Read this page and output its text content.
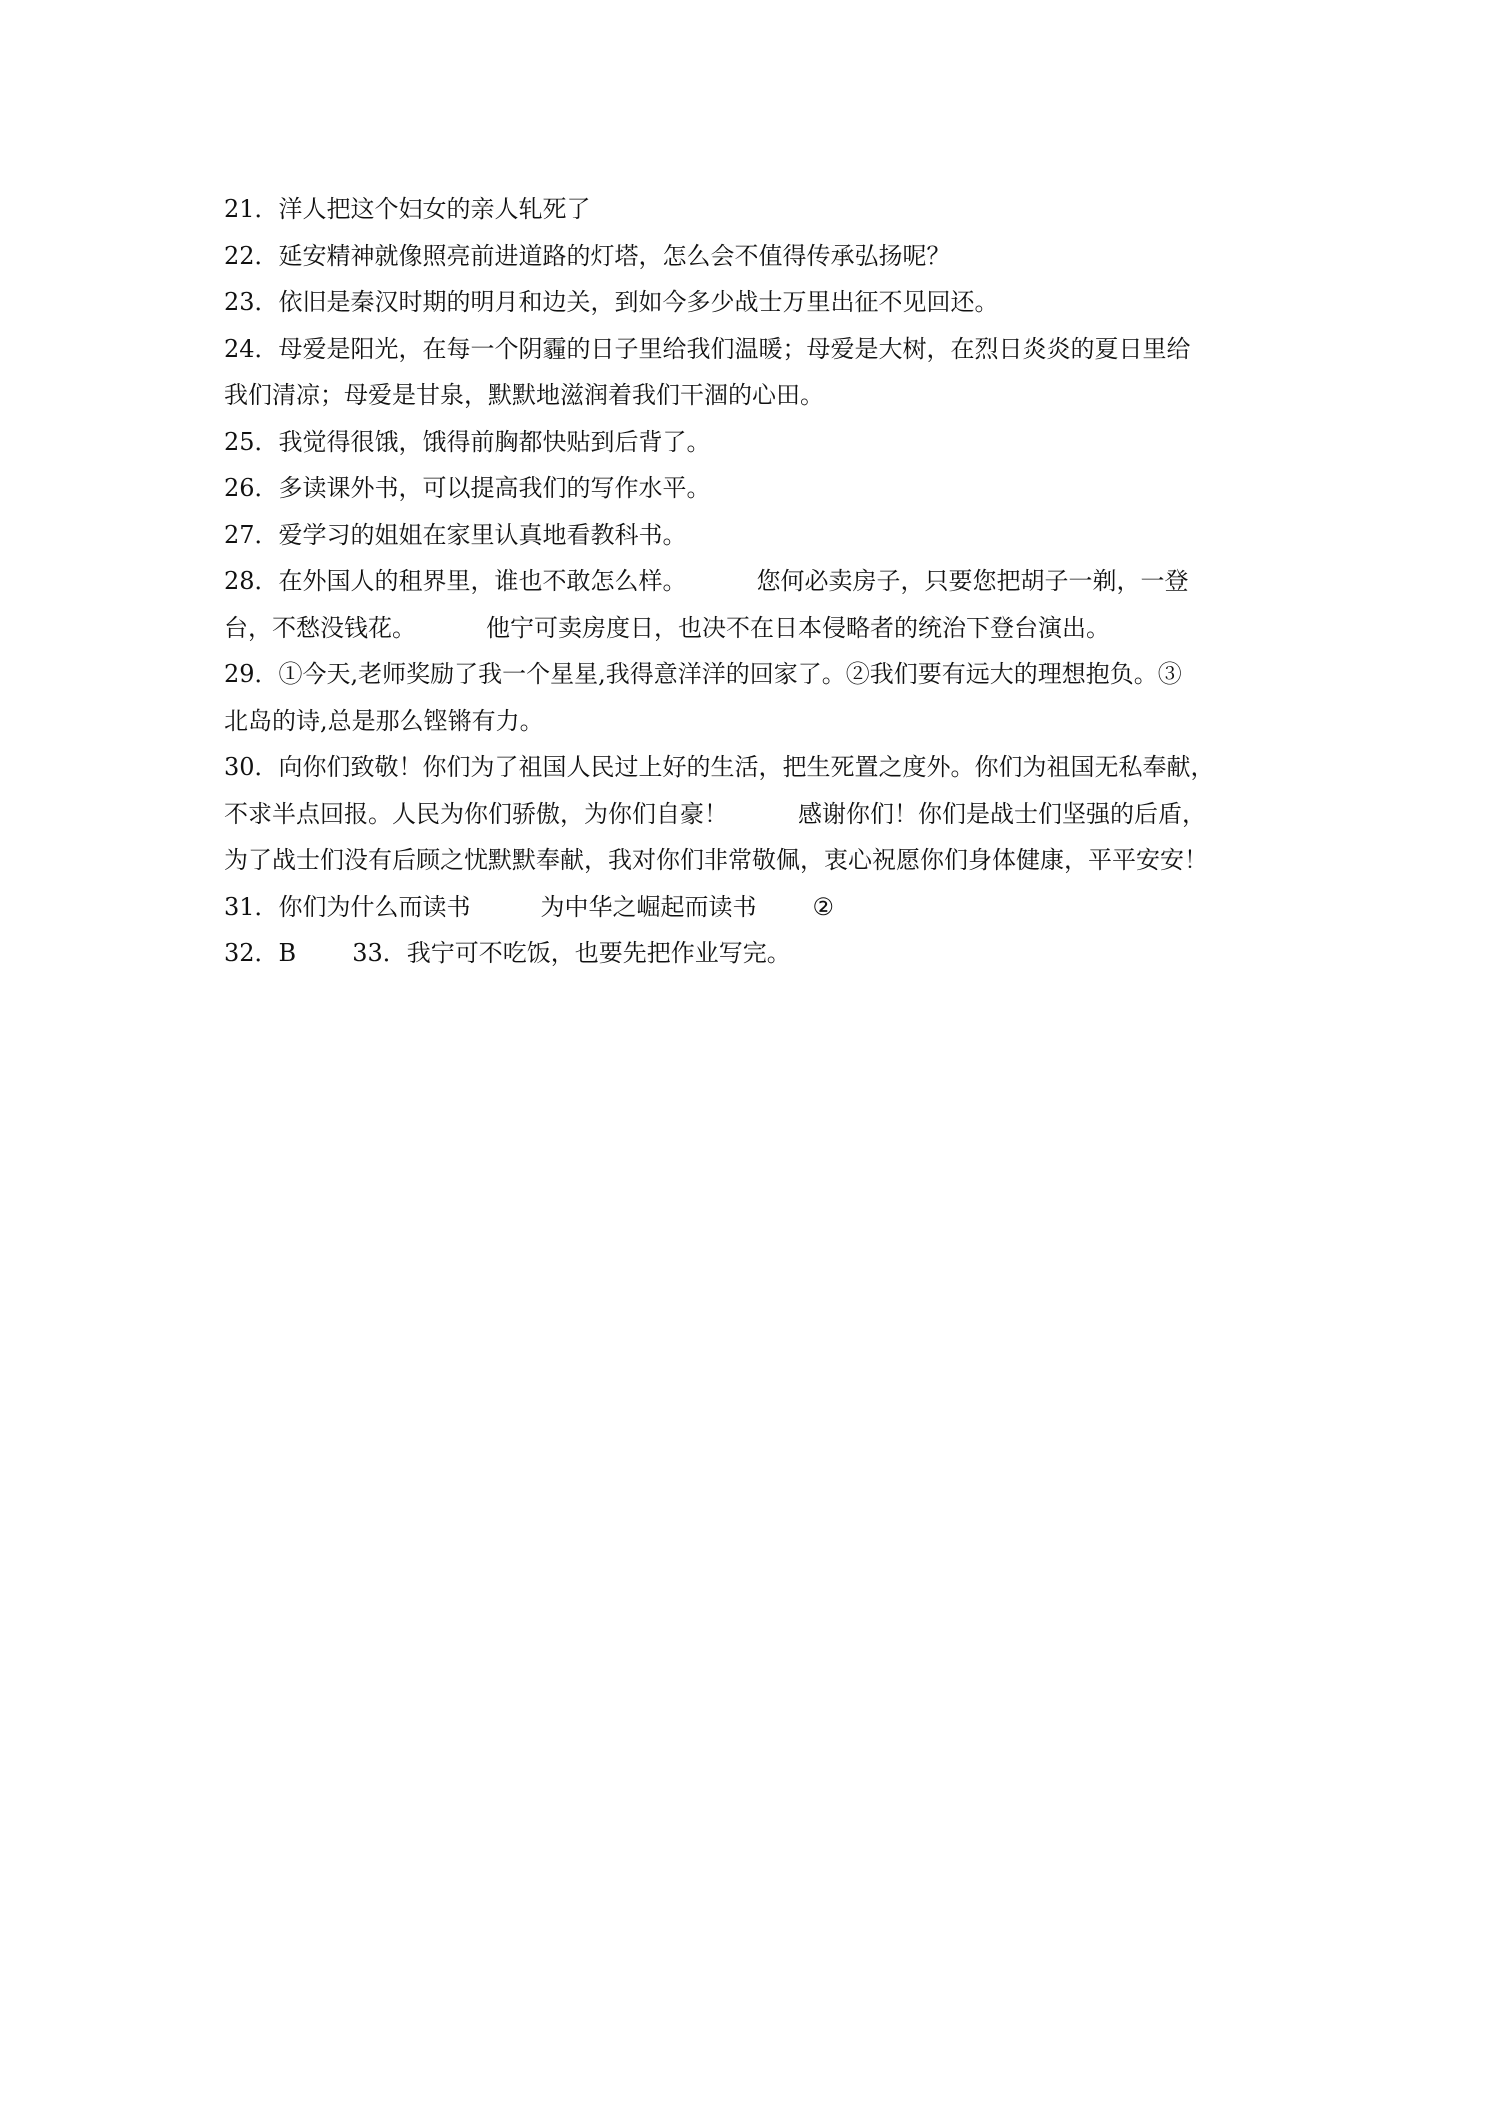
21．洋人把这个妇女的亲人轧死了
22．延安精神就像照亮前进道路的灯塔，怎么会不值得传承弘扬呢？
23．依旧是秦汉时期的明月和边关，到如今多少战士万里出征不见回还。
24．母爱是阳光，在每一个阴霾的日子里给我们温暖；母爱是大树，在烈日炎炎的夏日里给
我们清凉；母爱是甘泉，默默地滋润着我们干涸的心田。
25．我觉得很饿，饿得前胸都快贴到后背了。
26．多读课外书，可以提高我们的写作水平。
27．爱学习的姐姐在家里认真地看教科书。
28．在外国人的租界里，谁也不敢怎么样。	您何必卖房子，只要您把胡子一剃，一登
台，不愁没钱花。	他宁可卖房度日，也决不在日本侵略者的统治下登台演出。
29．①今天,老师奖励了我一个星星,我得意洋洋的回家了。②我们要有远大的理想抱负。③
北岛的诗,总是那么铿锵有力。
30．向你们致敬！你们为了祖国人民过上好的生活，把生死置之度外。你们为祖国无私奉献，
不求半点回报。人民为你们骄傲，为你们自豪！	感谢你们！你们是战士们坚强的后盾，
为了战士们没有后顾之忧默默奉献，我对你们非常敬佩，衷心祝愿你们身体健康，平平安安！
31．你们为什么而读书	为中华之崛起而读书 ②
32．B 33．我宁可不吃饭，也要先把作业写完。
